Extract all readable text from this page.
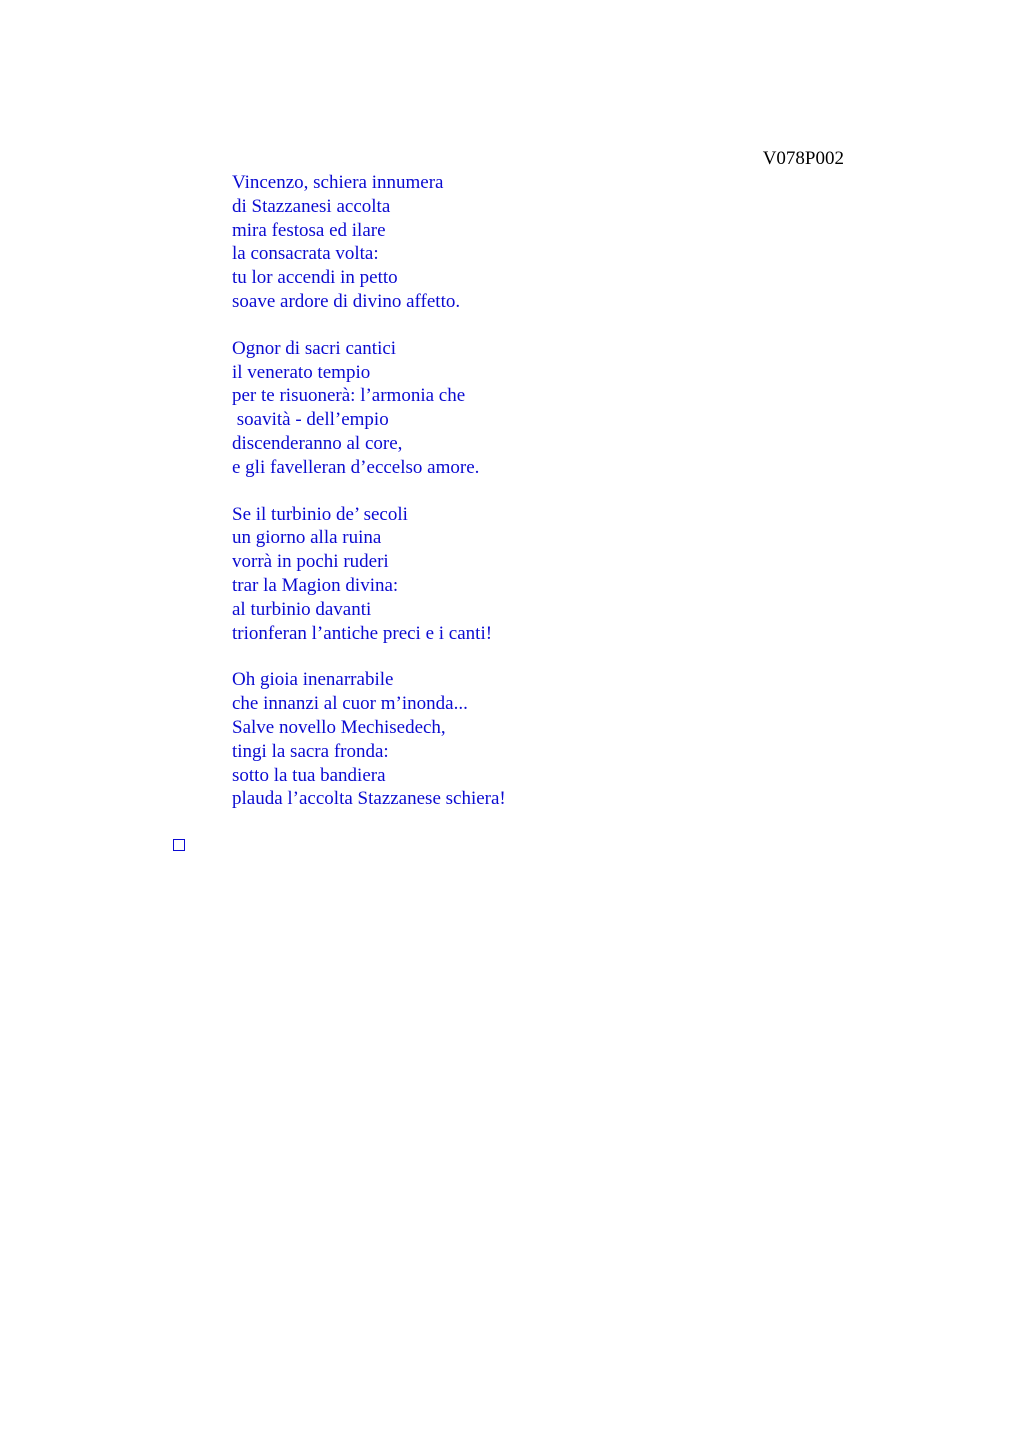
V078P002

Vincenzo, schiera innumera

di Stazzanesi accolta

mira festosa ed ilare

la consacrata volta:

tu lor accendi in petto

soave ardore di divino affetto.

Ognor di sacri cantici

il venerato tempio

per te risuonerà: l’armonia che

soavità - dell’empio

discenderanno al core,

e gli favelleran d’eccelso amore.

Se il turbinio de’ secoli

un giorno alla ruina

vorrà in pochi ruderi

trar la Magion divina:

al turbinio davanti

trionferan l’antiche preci e i canti!

Oh gioia inenarrabile

che innanzi al cuor m’inonda...

Salve novello Mechisedech,

tingi la sacra fronda:

sotto la tua bandiera

plauda l’accolta Stazzanese schiera!
